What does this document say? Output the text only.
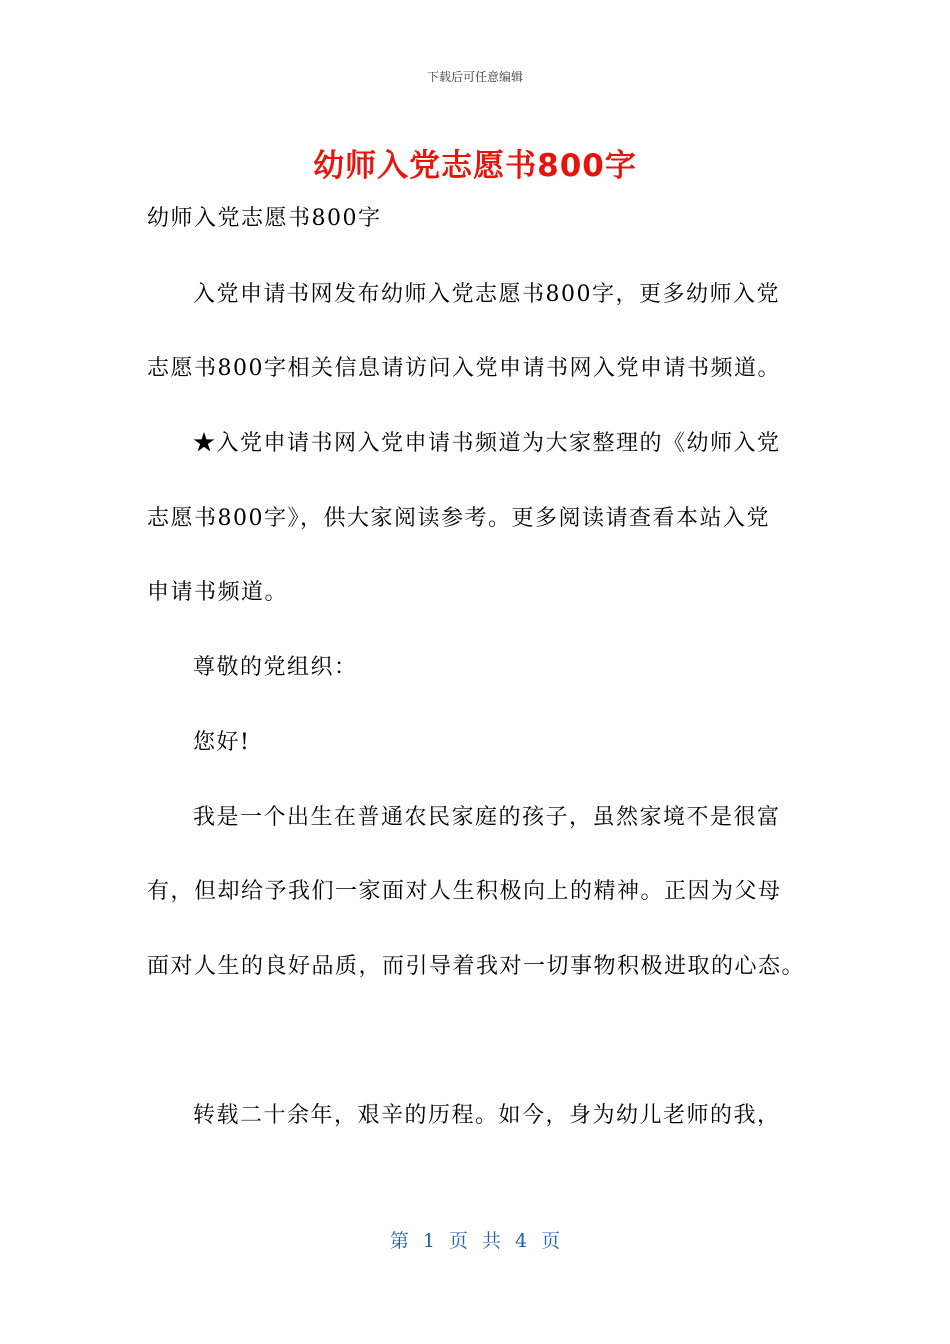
下载后可任意编辑
幼师入党志愿书800字
幼师入党志愿书800字
入党申请书网发布幼师入党志愿书800字，更多幼师入党
志愿书800字相关信息请访问入党申请书网入党申请书频道。
★入党申请书网入党申请书频道为大家整理的《幼师入党
志愿书800字》，供大家阅读参考。更多阅读请查看本站入党
申请书频道。
尊敬的党组织：
您好!
我是一个出生在普通农民家庭的孩子，虽然家境不是很富
有，但却给予我们一家面对人生积极向上的精神。正因为父母
面对人生的良好品质，而引导着我对一切事物积极进取的心态。
转载二十余年，艰辛的历程。如今，身为幼儿老师的我，
第 1 页 共 4 页
